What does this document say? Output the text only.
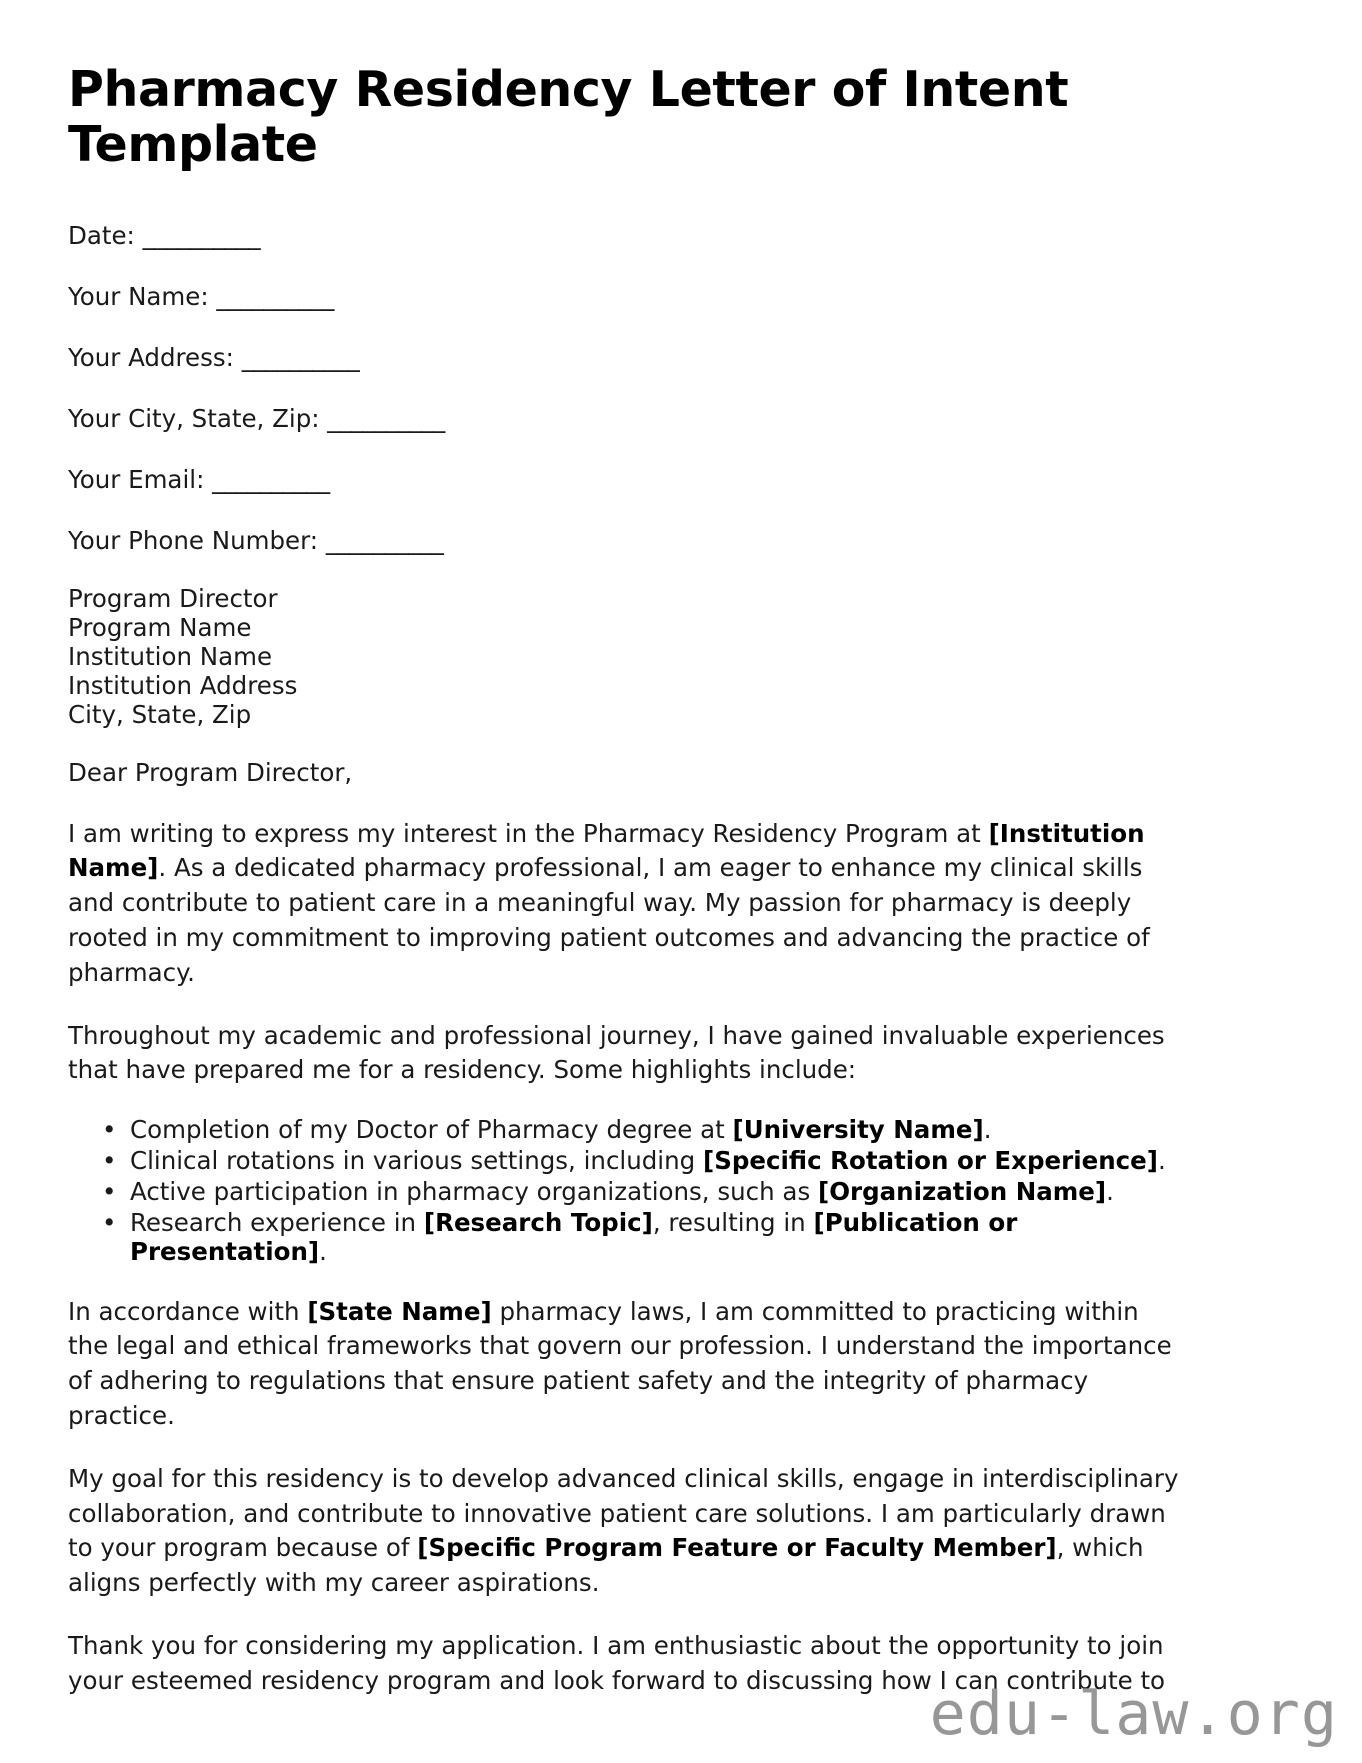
Pharmacy Residency Letter of Intent Template
Date: __________
Your Name: __________
Your Address: __________
Your City, State, Zip: __________
Your Email: __________
Your Phone Number: __________
Program Director
Program Name
Institution Name
Institution Address
City, State, Zip
Dear Program Director,

I am writing to express my interest in the Pharmacy Residency Program at [Institution Name]. As a dedicated pharmacy professional, I am eager to enhance my clinical skills and contribute to patient care in a meaningful way. My passion for pharmacy is deeply rooted in my commitment to improving patient outcomes and advancing the practice of pharmacy.

Throughout my academic and professional journey, I have gained invaluable experiences that have prepared me for a residency. Some highlights include:

• Completion of my Doctor of Pharmacy degree at [University Name].
• Clinical rotations in various settings, including [Specific Rotation or Experience].
• Active participation in pharmacy organizations, such as [Organization Name].
• Research experience in [Research Topic], resulting in [Publication or Presentation].

In accordance with [State Name] pharmacy laws, I am committed to practicing within the legal and ethical frameworks that govern our profession. I understand the importance of adhering to regulations that ensure patient safety and the integrity of pharmacy practice.

My goal for this residency is to develop advanced clinical skills, engage in interdisciplinary collaboration, and contribute to innovative patient care solutions. I am particularly drawn to your program because of [Specific Program Feature or Faculty Member], which aligns perfectly with my career aspirations.

Thank you for considering my application. I am enthusiastic about the opportunity to join your esteemed residency program and look forward to discussing how I can contribute to

edu-law.org
